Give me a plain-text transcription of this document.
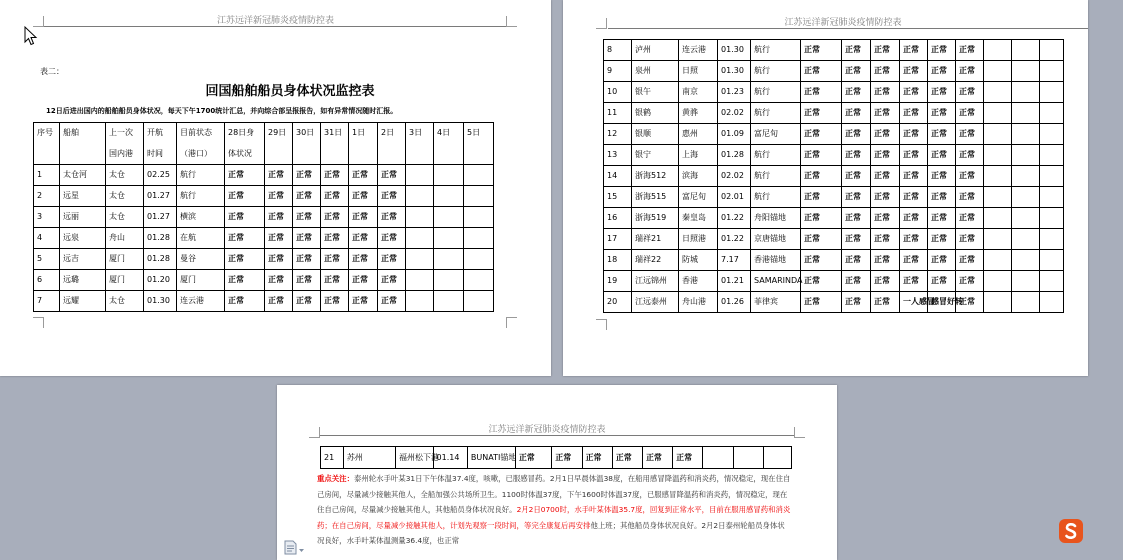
江苏远洋新冠肺炎疫情防控表
表二：
回国船舶船员身体状况监控表
12日后进出国内的船舶船员身体状况，每天下午1700统计汇总，并向综合部呈报报告，如有异常情况随时汇报。
序号	船舶	上一次	开航	目前状态	28日身	29日	30日	31日	1日	2日	3日	4日	5日
		国内港	时间	（港口）	体状况								
1	太仓河	太仓	02.25	航行	正常	正常	正常	正常	正常	正常			
2	远星	太仓	01.27	航行	正常	正常	正常	正常	正常	正常			
3	远丽	太仓	01.27	横滨	正常	正常	正常	正常	正常	正常			
4	远泉	舟山	01.28	在航	正常	正常	正常	正常	正常	正常			
5	远吉	厦门	01.28	曼谷	正常	正常	正常	正常	正常	正常			
6	远璐	厦门	01.20	厦门	正常	正常	正常	正常	正常	正常			
7	远耀	太仓	01.30	连云港	正常	正常	正常	正常	正常	正常			
江苏远洋新冠肺炎疫情防控表
8	泸州	连云港	01.30	航行	正常	正常	正常	正常	正常	正常			
9	泉州	日照	01.30	航行	正常	正常	正常	正常	正常	正常			
10	银午	南京	01.23	航行	正常	正常	正常	正常	正常	正常			
11	银鹤	黄骅	02.02	航行	正常	正常	正常	正常	正常	正常			
12	银顺	惠州	01.09	富尼旬	正常	正常	正常	正常	正常	正常			
13	银宁	上海	01.28	航行	正常	正常	正常	正常	正常	正常			
14	浙海512	滨海	02.02	航行	正常	正常	正常	正常	正常	正常			
15	浙海515	富尼旬	02.01	航行	正常	正常	正常	正常	正常	正常			
16	浙海519	秦皇岛	01.22	舟阳锚地	正常	正常	正常	正常	正常	正常			
17	瑞祥21	日照港	01.22	京唐锚地	正常	正常	正常	正常	正常	正常			
18	瑞祥22	防城	7.17	香港锚地	正常	正常	正常	正常	正常	正常			
19	江远锦州	香港	01.21	SAMARINDA	正常	正常	正常	正常	正常	正常			
20	江远泰州	舟山港	01.26	菲律宾	正常	正常	正常	一人感冒	感冒好转	正常			
江苏远洋新冠肺炎疫情防控表
21	苏州	福州松下港	01.14	BUNATI锚地	正常	正常	正常	正常	正常	正常			
重点关注：泰州轮水手叶某31日下午体温37.4度，咳嗽，已服感冒药。2月1日早晨体温38度，在船用感冒降温药和消炎药，情况稳定，现在住自己房间，尽量减少接触其他人，全船加强公共场所卫生。1100时体温37度，下午1600时体温37度，已服感冒降温药和消炎药，情况稳定，现在住自己房间，尽量减少接触其他人，其他船员身体状况良好。2月2日0700时，水手叶某体温35.7度，回复到正常水平，目前在服用感冒药和消炎药；在自己房间，尽量减少接触其他人，计划先观察一段时间，等完全康复后再安排他上班；其他船员身体状况良好。2月2日泰州轮船员身体状况良好，水手叶某体温测量36.4度，也正常
